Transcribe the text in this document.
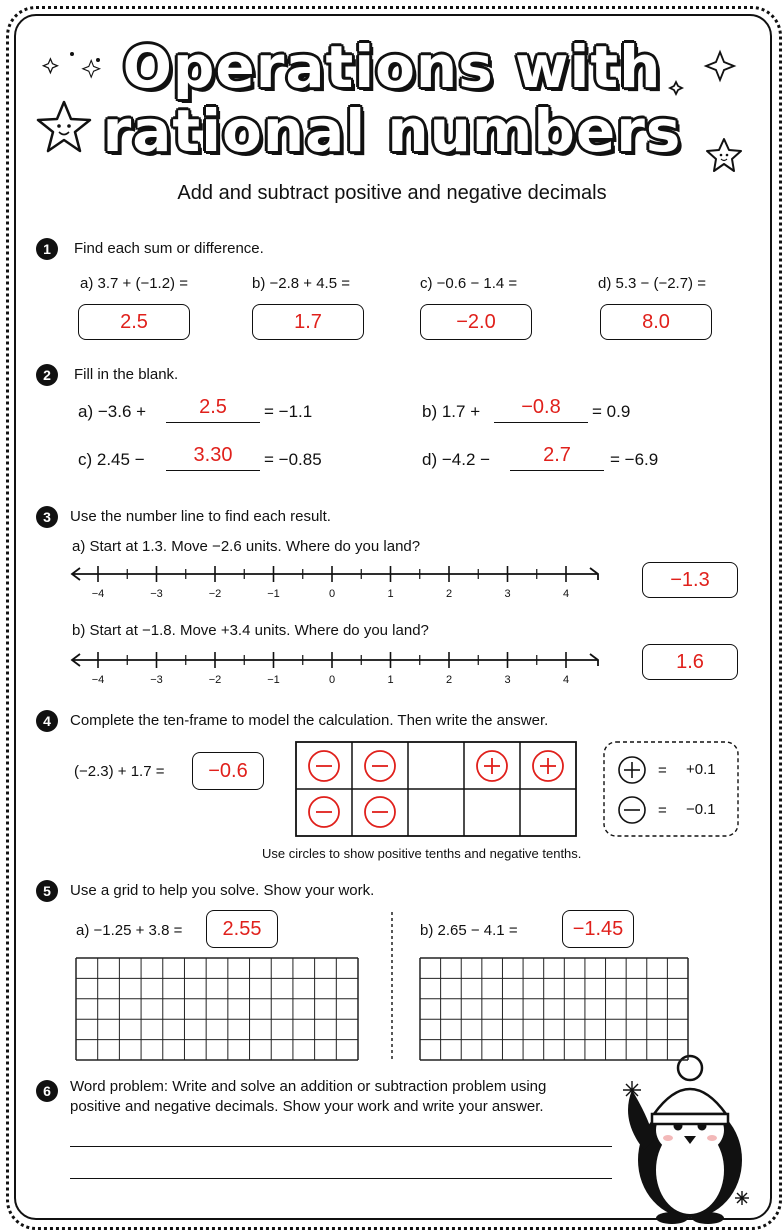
Operations with
rational numbers
Add and subtract positive and negative decimals
1	Find each sum or difference.
a) 3.7 + (−1.2) =	b) −2.8 + 4.5 =	c) −0.6 − 1.4 =	d) 5.3 − (−2.7) =
2.5	1.7	−2.0	8.0
2	Fill in the blank.
a) −3.6 +	2.5	= −1.1	b) 1.7 +	−0.8	= 0.9
c) 2.45 −	3.30	= −0.85	d) −4.2 −	2.7	= −6.9
3	Use the number line to find each result.
a) Start at 1.3. Move −2.6 units. Where do you land?
b) Start at −1.8. Move +3.4 units. Where do you land?
−4	−3	−2	−1	0	1	2	3	4
−4	−3	−2	−1	0	1	2	3	4
−1.3
1.6
4	Complete the ten-frame to model the calculation. Then write the answer.
(−2.3) + 1.7 =	−0.6	= +0.1
= −0.1
Use circles to show positive tenths and negative tenths.
5	Use a grid to help you solve. Show your work.
a) −1.25 + 3.8 =	2.55	b) 2.65 − 4.1 =	−1.45
6	Word problem: Write and solve an addition or subtraction problem using
positive and negative decimals. Show your work and write your answer.
